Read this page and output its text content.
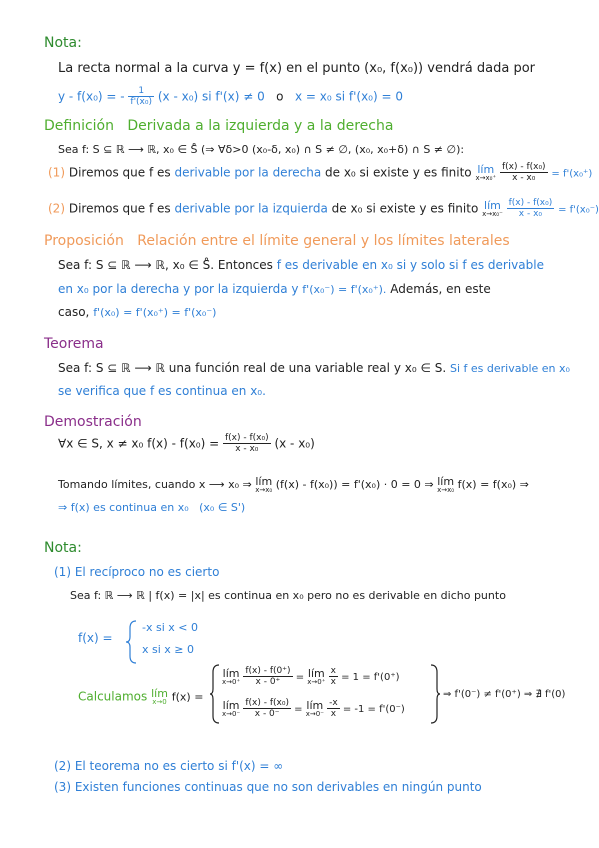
Nota:
La recta normal a la curva y = f(x) en el punto (x₀, f(x₀)) vendrá dada por
y - f(x₀) = - $\frac{1}{\text{f'(x₀)}} (x - x_0)$ si f'(x) ≠ 0 o x = x₀ si f'(x₀) = 0
Definición Derivada a la izquierda y a la derecha
Sea f: S ⊆ ℝ ⟶ ℝ, x₀ ∈ S̊ (⇒ ∀δ>0 (x₀-δ, x₀) ∩ S ≠ ∅, (x₀, x₀+δ) ∩ S ≠ ∅):
(1) Diremos que f es derivable por la derecha de x₀ si existe y es finito lím
x→x₀⁺
$\frac{\text{f(x) - f(x₀)}}{\text{x - x₀}} = f'(x_0^+)$
(2) Diremos que f es derivable por la izquierda de x₀ si existe y es finito lím
x→x₀⁻
$\frac{\text{f(x) - f(x₀)}}{\text{x - x₀}} = f'(x_0^-)$
Proposición Relación entre el límite general y los límites laterales
Sea f: S ⊆ ℝ ⟶ ℝ, x₀ ∈ S̊. Entonces f es derivable en x₀ si y solo si f es derivable
en x₀ por la derecha y por la izquierda y f'(x₀⁻) = f'(x₀⁺). Además, en este
caso, f'(x₀) = f'(x₀⁺) = f'(x₀⁻)
Teorema
Sea f: S ⊆ ℝ ⟶ ℝ una función real de una variable real y x₀ ∈ S. Si f es derivable en x₀
se verifica que f es continua en x₀.
Demostración
∀x ∈ S, x ≠ x₀ $f(x) - f(x_0) = \frac{\text{f(x) - f(x₀)}}{\text{x - x₀}} (x - x_0)$
Tomando límites, cuando x ⟶ x₀ ⇒ lím
x→x₀ (f(x) - f(x₀)) = f'(x₀) · 0 = 0 ⇒ lím
x→x₀ f(x) = f(x₀) ⇒
⇒ f(x) es continua en x₀ (x₀ ∈ S')
Nota:
(1) El recíproco no es cierto
Sea f: ℝ ⟶ ℝ | f(x) = |x| es continua en x₀ pero no es derivable en dicho punto
f(x) =
-x si x < 0
x si x ≥ 0
Calculamos lím
x→0 f(x) =
lím
x→0⁺
$\frac{f(x) - f(0^+)}{x - 0^+}$ = lím
x→0⁺
$\frac{x}{x} = 1 = f'(0^+)$
lím
x→0⁻
$\frac{\text{f(x) - f(x₀)}}{x - 0^-}$ = lím
x→0⁻
$\frac{-x}{x} = -1 = f'(0^-)$
⇒ f'(0⁻) ≠ f'(0⁺) ⇒ ∄ f'(0)
(2) El teorema no es cierto si f'(x) = ∞
(3) Existen funciones continuas que no son derivables en ningún punto
